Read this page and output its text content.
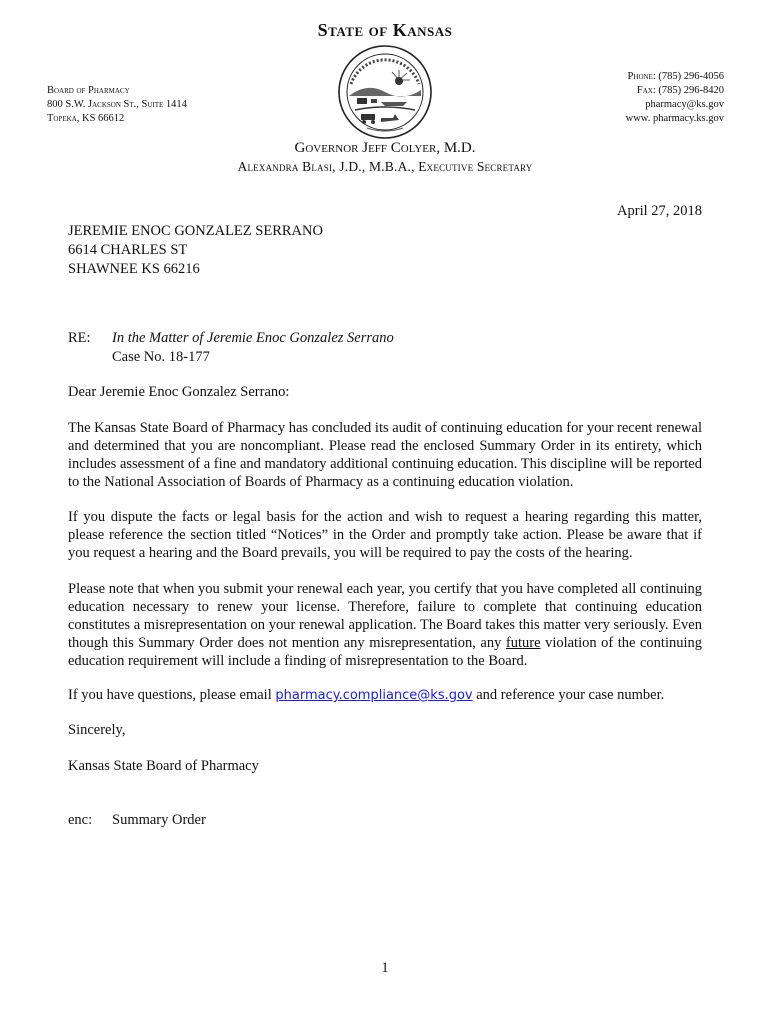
State of Kansas
Board of Pharmacy
800 S.W. Jackson St., Suite 1414
Topeka, KS 66612
Phone: (785) 296-4056
Fax: (785) 296-8420
pharmacy@ks.gov
www. pharmacy.ks.gov
Governor Jeff Colyer, M.D.
Alexandra Blasi, J.D., M.B.A., Executive Secretary
April 27, 2018
JEREMIE ENOC GONZALEZ SERRANO
6614 CHARLES ST
SHAWNEE KS 66216
RE: In the Matter of Jeremie Enoc Gonzalez Serrano
Case No. 18-177
Dear Jeremie Enoc Gonzalez Serrano:

The Kansas State Board of Pharmacy has concluded its audit of continuing education for your recent renewal and determined that you are noncompliant. Please read the enclosed Summary Order in its entirety, which includes assessment of a fine and mandatory additional continuing education. This discipline will be reported to the National Association of Boards of Pharmacy as a continuing education violation.

If you dispute the facts or legal basis for the action and wish to request a hearing regarding this matter, please reference the section titled “Notices” in the Order and promptly take action. Please be aware that if you request a hearing and the Board prevails, you will be required to pay the costs of the hearing.

Please note that when you submit your renewal each year, you certify that you have completed all continuing education necessary to renew your license. Therefore, failure to complete that continuing education constitutes a misrepresentation on your renewal application. The Board takes this matter very seriously. Even though this Summary Order does not mention any misrepresentation, any future violation of the continuing education requirement will include a finding of misrepresentation to the Board.

If you have questions, please email pharmacy.compliance@ks.gov and reference your case number.

Sincerely,
Kansas State Board of Pharmacy
enc: Summary Order
1
